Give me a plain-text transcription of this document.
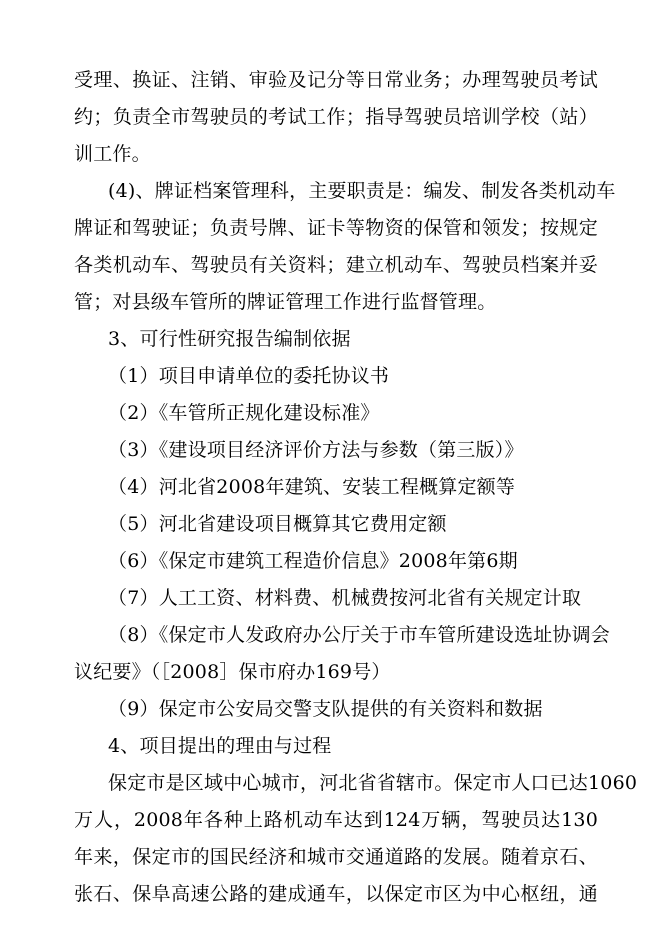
受理、换证、注销、审验及记分等日常业务；办理驾驶员考试
约；负责全市驾驶员的考试工作；指导驾驶员培训学校（站）
训工作。
(4)、牌证档案管理科，主要职责是：编发、制发各类机动车
牌证和驾驶证；负责号牌、证卡等物资的保管和领发；按规定
各类机动车、驾驶员有关资料；建立机动车、驾驶员档案并妥
管；对县级车管所的牌证管理工作进行监督管理。
3、可行性研究报告编制依据
（1）项目申请单位的委托协议书
（2）《车管所正规化建设标准》
（3）《建设项目经济评价方法与参数（第三版）》
（4）河北省2008年建筑、安装工程概算定额等
（5）河北省建设项目概算其它费用定额
（6）《保定市建筑工程造价信息》2008年第6期
（7）人工工资、材料费、机械费按河北省有关规定计取
（8）《保定市人发政府办公厅关于市车管所建设选址协调会
议纪要》（［2008］保市府办169号）
（9）保定市公安局交警支队提供的有关资料和数据
4、项目提出的理由与过程
保定市是区域中心城市，河北省省辖市。保定市人口已达1060
万人，2008年各种上路机动车达到124万辆，驾驶员达130
年来，保定市的国民经济和城市交通道路的发展。随着京石、
张石、保阜高速公路的建成通车，以保定市区为中心枢纽，通
